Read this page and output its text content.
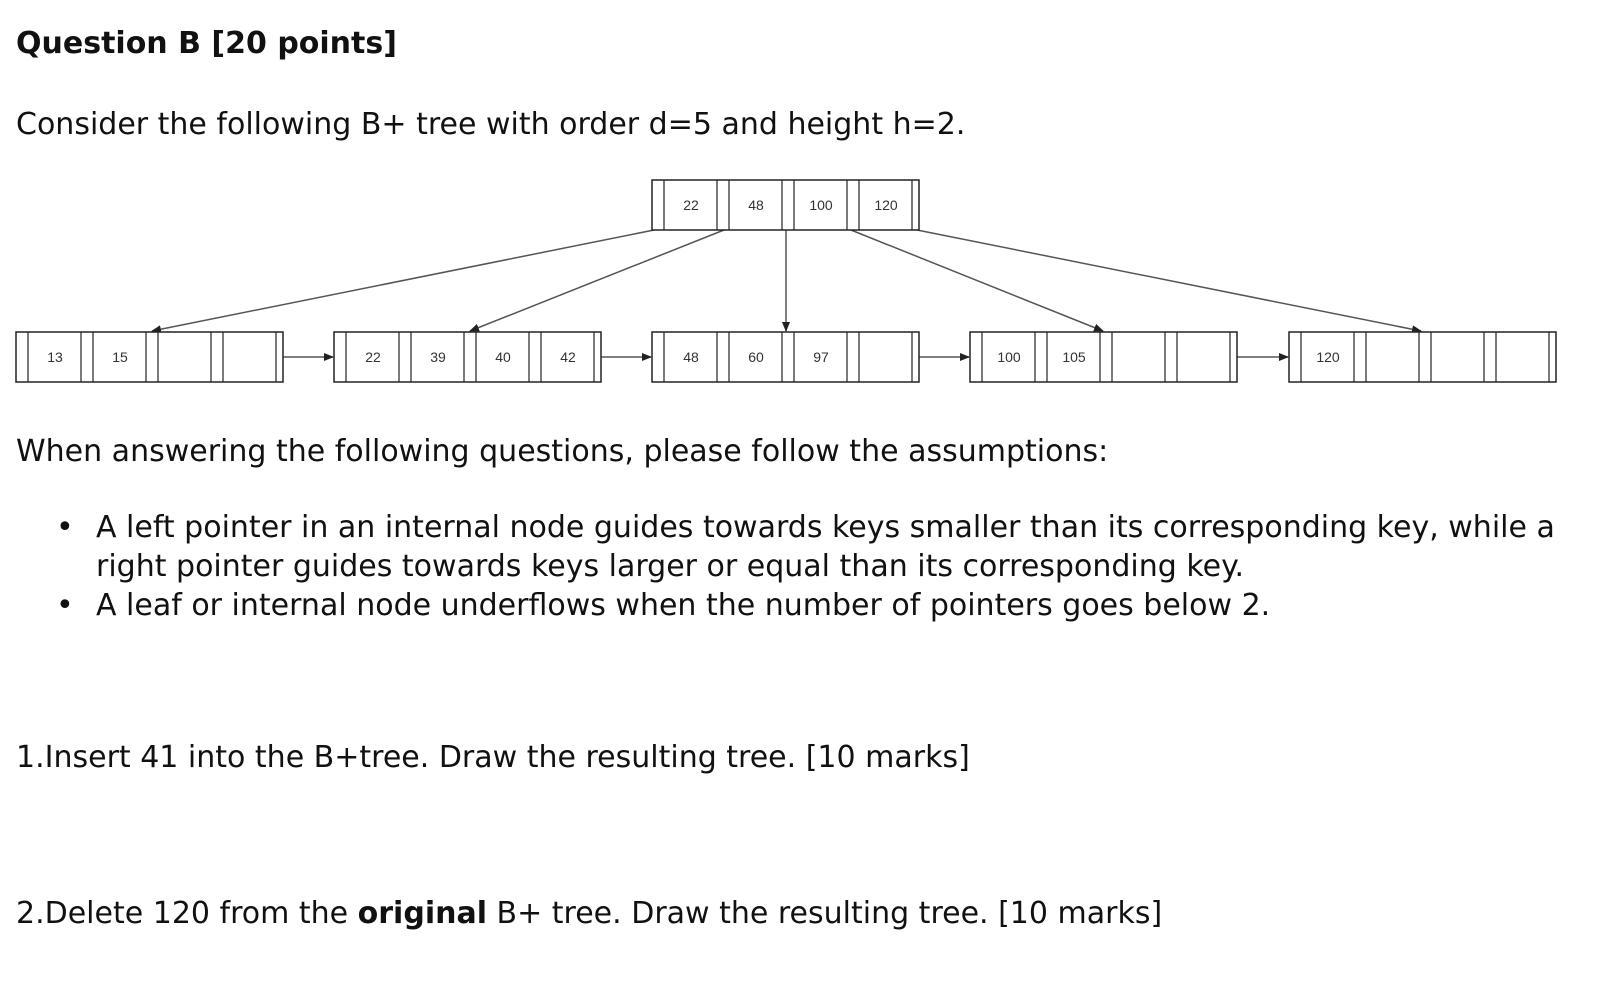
Question B [20 points]

Consider the following B+ tree with order d=5 and height h=2.

22	48	100	120
13	15	22	39	40	42	48	60	97	100	105	120

When answering the following questions, please follow the assumptions:

• A left pointer in an internal node guides towards keys smaller than its corresponding key, while a right pointer guides towards keys larger or equal than its corresponding key.
• A leaf or internal node underflows when the number of pointers goes below 2.

1.Insert 41 into the B+tree. Draw the resulting tree. [10 marks]

2.Delete 120 from the original B+ tree. Draw the resulting tree. [10 marks]
